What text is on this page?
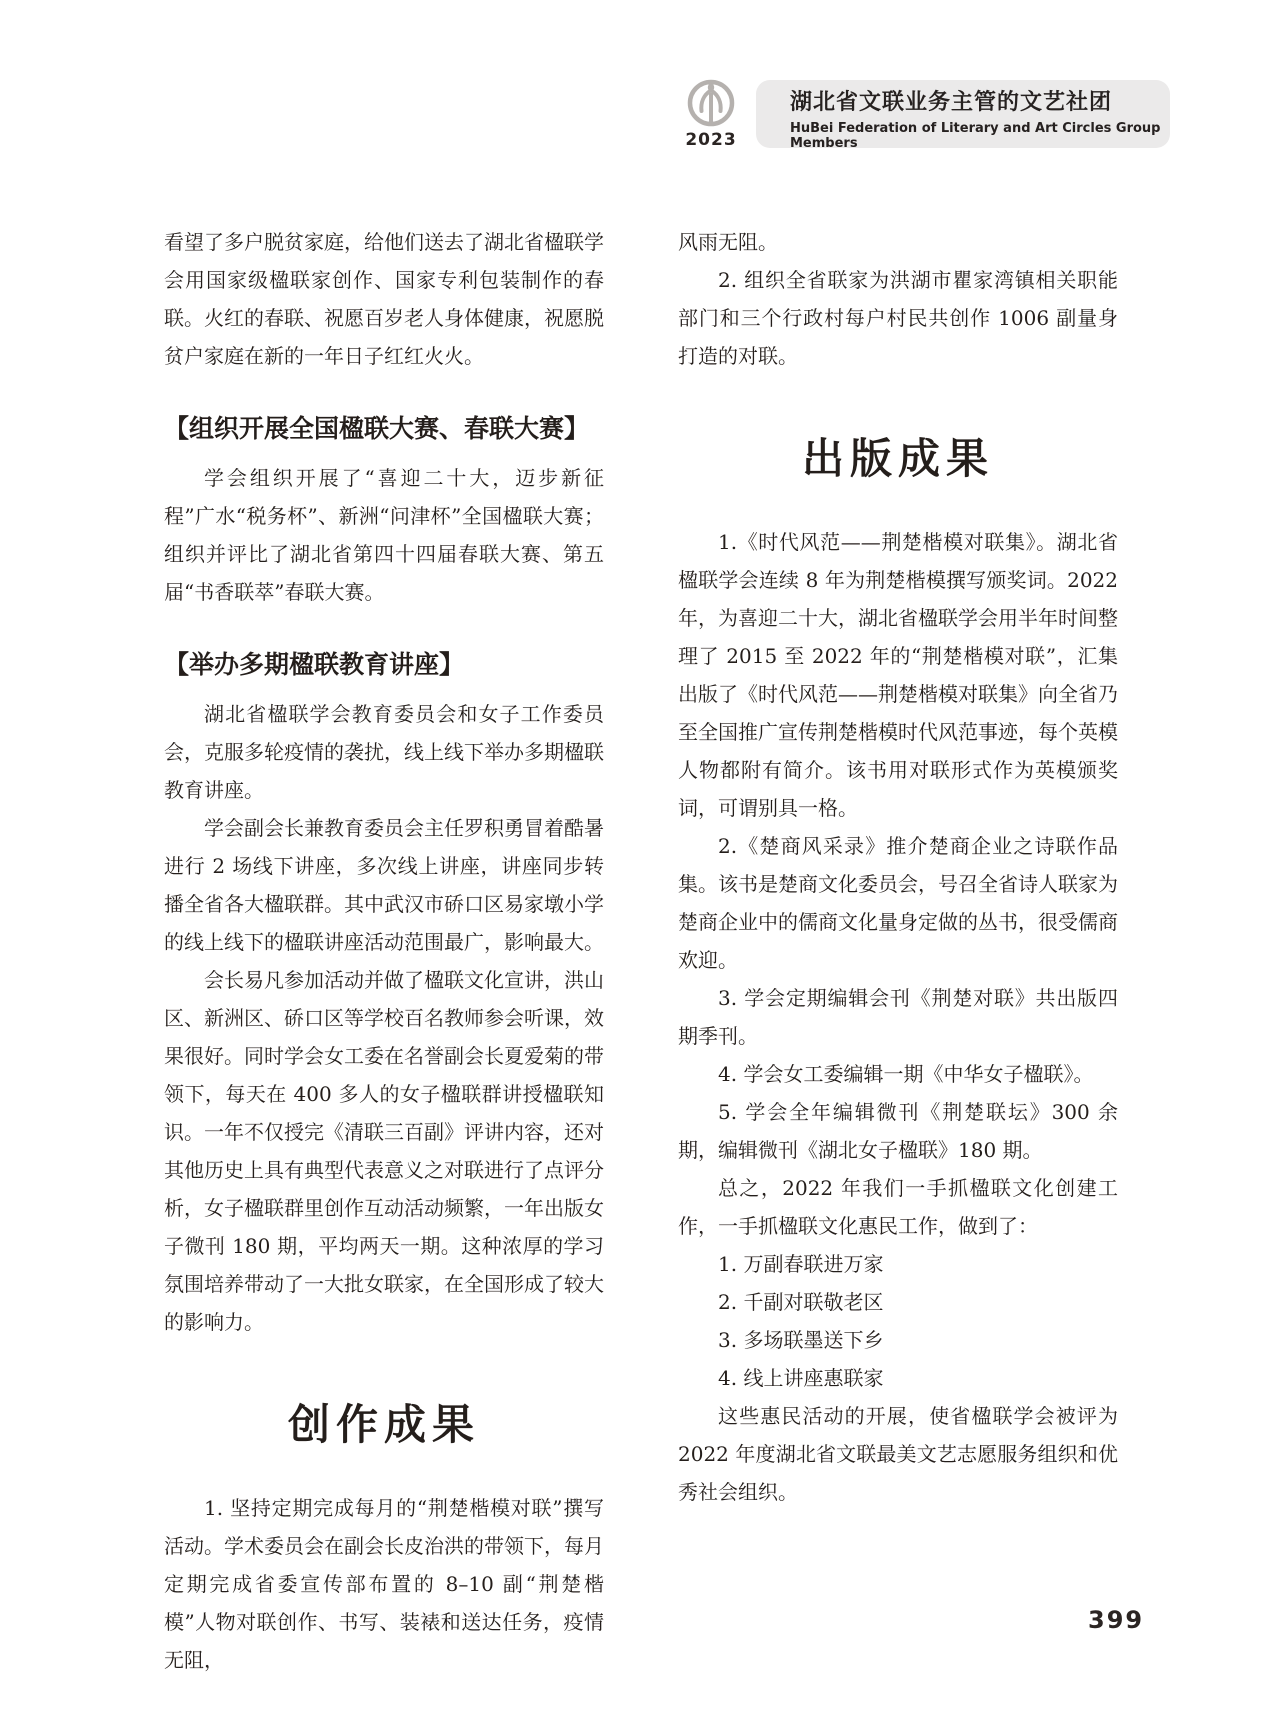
2023
湖北省文联业务主管的文艺社团
HuBei Federation of Literary and Art Circles Group Members

看望了多户脱贫家庭，给他们送去了湖北省楹联学会用国家级楹联家创作、国家专利包装制作的春联。火红的春联、祝愿百岁老人身体健康，祝愿脱贫户家庭在新的一年日子红红火火。

【组织开展全国楹联大赛、春联大赛】

学会组织开展了“喜迎二十大，迈步新征程”广水“税务杯”、新洲“问津杯”全国楹联大赛；组织并评比了湖北省第四十四届春联大赛、第五届“书香联萃”春联大赛。

【举办多期楹联教育讲座】

湖北省楹联学会教育委员会和女子工作委员会，克服多轮疫情的袭扰，线上线下举办多期楹联教育讲座。

学会副会长兼教育委员会主任罗积勇冒着酷暑进行 2 场线下讲座，多次线上讲座，讲座同步转播全省各大楹联群。其中武汉市硚口区易家墩小学的线上线下的楹联讲座活动范围最广，影响最大。

会长易凡参加活动并做了楹联文化宣讲，洪山区、新洲区、硚口区等学校百名教师参会听课，效果很好。同时学会女工委在名誉副会长夏爱菊的带领下，每天在 400 多人的女子楹联群讲授楹联知识。一年不仅授完《清联三百副》评讲内容，还对其他历史上具有典型代表意义之对联进行了点评分析，女子楹联群里创作互动活动频繁，一年出版女子微刊 180 期，平均两天一期。这种浓厚的学习氛围培养带动了一大批女联家，在全国形成了较大的影响力。

创作成果

1. 坚持定期完成每月的“荆楚楷模对联”撰写活动。学术委员会在副会长皮治洪的带领下，每月定期完成省委宣传部布置的 8–10 副“荆楚楷模”人物对联创作、书写、装裱和送达任务，疫情无阻，

风雨无阻。

2. 组织全省联家为洪湖市瞿家湾镇相关职能部门和三个行政村每户村民共创作 1006 副量身打造的对联。

出版成果

1.《时代风范——荆楚楷模对联集》。湖北省楹联学会连续 8 年为荆楚楷模撰写颁奖词。2022 年，为喜迎二十大，湖北省楹联学会用半年时间整理了 2015 至 2022 年的“荆楚楷模对联”，汇集出版了《时代风范——荆楚楷模对联集》向全省乃至全国推广宣传荆楚楷模时代风范事迹，每个英模人物都附有简介。该书用对联形式作为英模颁奖词，可谓别具一格。

2.《楚商风采录》推介楚商企业之诗联作品集。该书是楚商文化委员会，号召全省诗人联家为楚商企业中的儒商文化量身定做的丛书，很受儒商欢迎。

3. 学会定期编辑会刊《荆楚对联》共出版四期季刊。

4. 学会女工委编辑一期《中华女子楹联》。

5. 学会全年编辑微刊《荆楚联坛》300 余期，编辑微刊《湖北女子楹联》180 期。

总之，2022 年我们一手抓楹联文化创建工作，一手抓楹联文化惠民工作，做到了：

1. 万副春联进万家

2. 千副对联敬老区

3. 多场联墨送下乡

4. 线上讲座惠联家

这些惠民活动的开展，使省楹联学会被评为 2022 年度湖北省文联最美文艺志愿服务组织和优秀社会组织。

399
